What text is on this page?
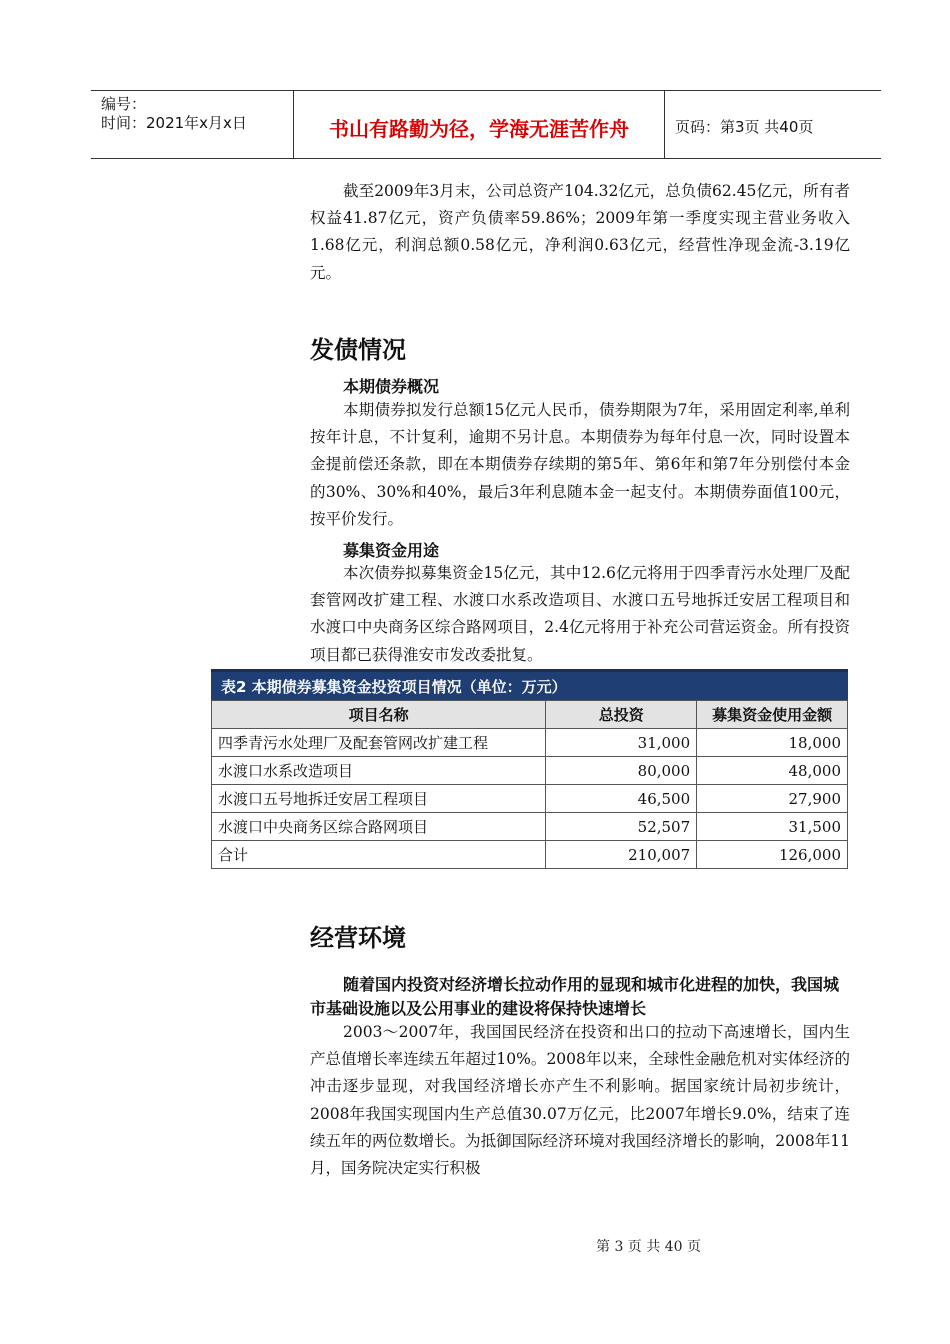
编号：
时间：2021年x月x日	书山有路勤为径，学海无涯苦作舟	页码：第3页 共40页

截至2009年3月末，公司总资产104.32亿元，总负债62.45亿元，所有者权益41.87亿元，资产负债率59.86%；2009年第一季度实现主营业务收入1.68亿元，利润总额0.58亿元，净利润0.63亿元，经营性净现金流-3.19亿元。

发债情况
本期债券概况

本期债券拟发行总额15亿元人民币，债券期限为7年，采用固定利率,单利按年计息，不计复利，逾期不另计息。本期债券为每年付息一次，同时设置本金提前偿还条款，即在本期债券存续期的第5年、第6年和第7年分别偿付本金的30%、30%和40%，最后3年利息随本金一起支付。本期债券面值100元，按平价发行。

募集资金用途

本次债券拟募集资金15亿元，其中12.6亿元将用于四季青污水处理厂及配套管网改扩建工程、水渡口水系改造项目、水渡口五号地拆迁安居工程项目和水渡口中央商务区综合路网项目，2.4亿元将用于补充公司营运资金。所有投资项目都已获得淮安市发改委批复。

表2 本期债券募集资金投资项目情况（单位：万元）
项目名称	总投资	募集资金使用金额
四季青污水处理厂及配套管网改扩建工程	31,000	18,000
水渡口水系改造项目	80,000	48,000
水渡口五号地拆迁安居工程项目	46,500	27,900
水渡口中央商务区综合路网项目	52,507	31,500
合计	210,007	126,000
经营环境
随着国内投资对经济增长拉动作用的显现和城市化进程的加快，我国城市基础设施以及公用事业的建设将保持快速增长

2003～2007年，我国国民经济在投资和出口的拉动下高速增长，国内生产总值增长率连续五年超过10%。2008年以来，全球性金融危机对实体经济的冲击逐步显现，对我国经济增长亦产生不利影响。据国家统计局初步统计，2008年我国实现国内生产总值30.07万亿元，比2007年增长9.0%，结束了连续五年的两位数增长。为抵御国际经济环境对我国经济增长的影响，2008年11月，国务院决定实行积极

第 3 页 共 40 页
